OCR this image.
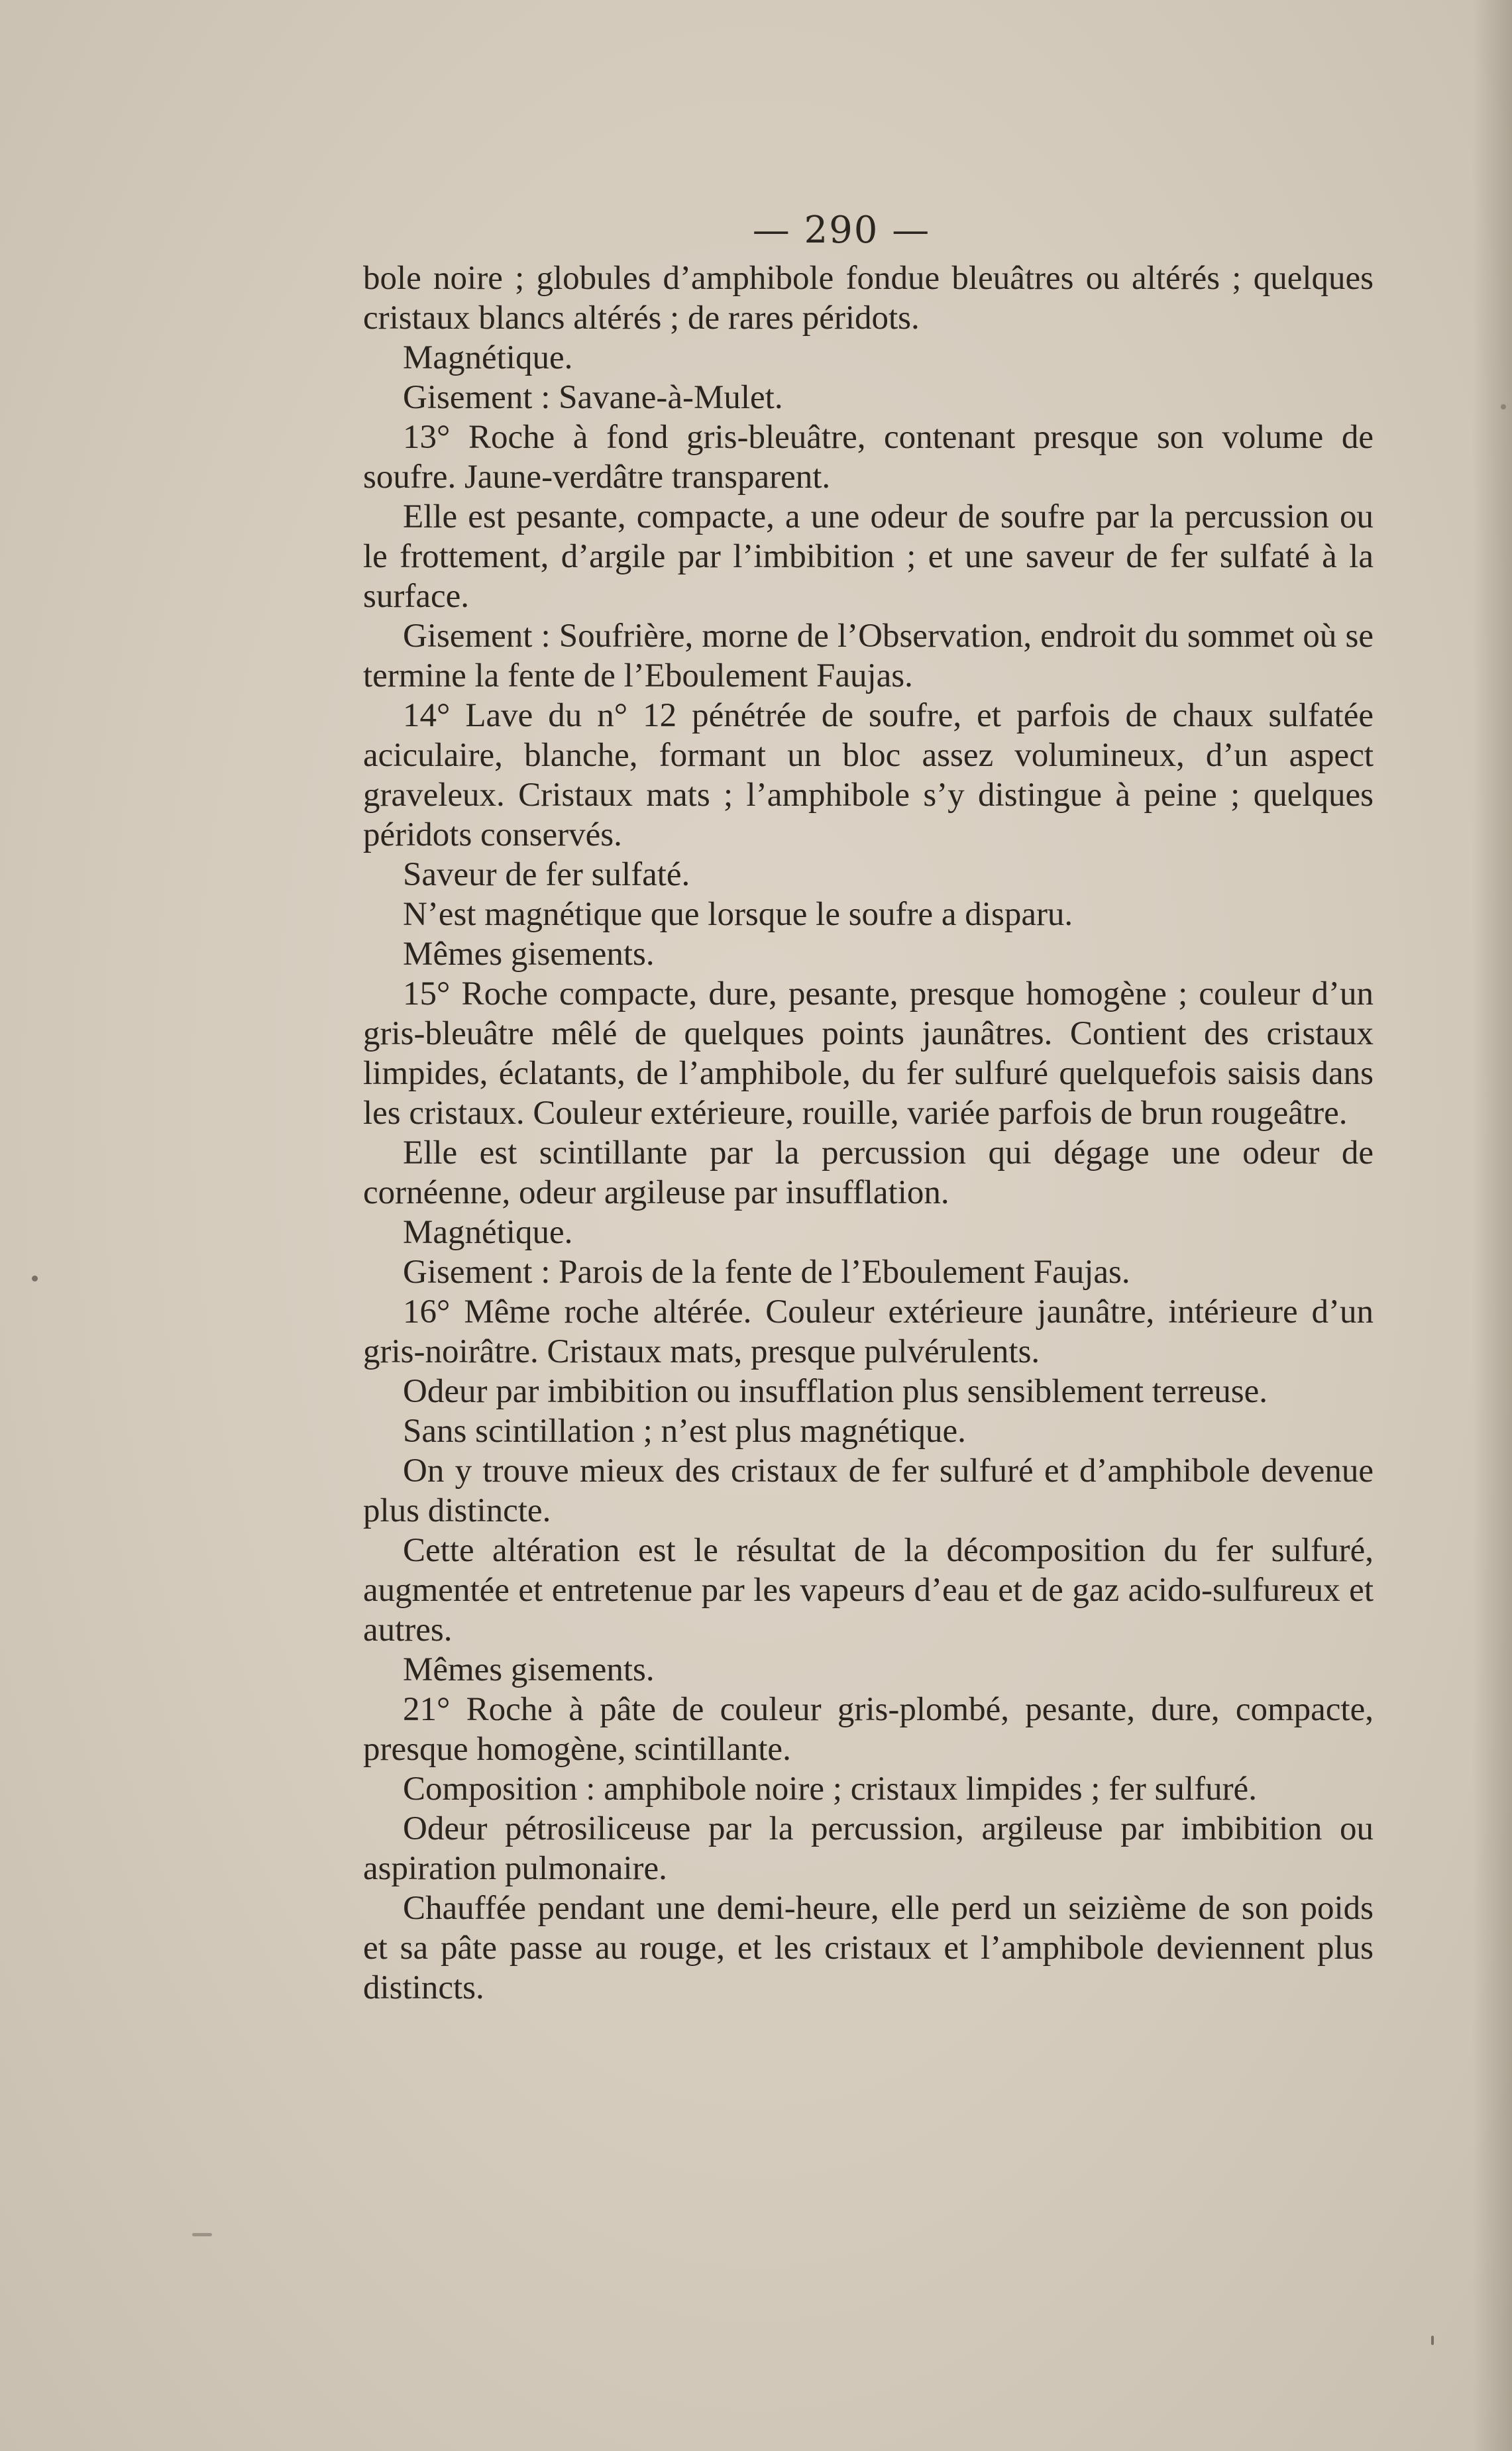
— 290 —

bole noire ; globules d’amphibole fondue bleuâtres ou altérés ; quelques cristaux blancs altérés ; de rares péridots.

Magnétique.

Gisement : Savane-à-Mulet.

13° Roche à fond gris-bleuâtre, contenant presque son volume de soufre. Jaune-verdâtre transparent.

Elle est pesante, compacte, a une odeur de soufre par la percussion ou le frottement, d’argile par l’imbibition ; et une saveur de fer sulfaté à la surface.

Gisement : Soufrière, morne de l’Observation, endroit du sommet où se termine la fente de l’Eboulement Faujas.

14° Lave du n° 12 pénétrée de soufre, et parfois de chaux sulfatée aciculaire, blanche, formant un bloc assez volumineux, d’un aspect graveleux. Cristaux mats ; l’amphibole s’y distingue à peine ; quelques péridots conservés.

Saveur de fer sulfaté.

N’est magnétique que lorsque le soufre a disparu.

Mêmes gisements.

15° Roche compacte, dure, pesante, presque homogène ; couleur d’un gris-bleuâtre mêlé de quelques points jaunâtres. Contient des cristaux limpides, éclatants, de l’amphibole, du fer sulfuré quelquefois saisis dans les cristaux. Couleur extérieure, rouille, variée parfois de brun rougeâtre.

Elle est scintillante par la percussion qui dégage une odeur de cornéenne, odeur argileuse par insufflation.

Magnétique.

Gisement : Parois de la fente de l’Eboulement Faujas.

16° Même roche altérée. Couleur extérieure jaunâtre, intérieure d’un gris-noirâtre. Cristaux mats, presque pulvérulents.

Odeur par imbibition ou insufflation plus sensiblement terreuse.

Sans scintillation ; n’est plus magnétique.

On y trouve mieux des cristaux de fer sulfuré et d’amphibole devenue plus distincte.

Cette altération est le résultat de la décomposition du fer sulfuré, augmentée et entretenue par les vapeurs d’eau et de gaz acido-sulfureux et autres.

Mêmes gisements.

21° Roche à pâte de couleur gris-plombé, pesante, dure, compacte, presque homogène, scintillante.

Composition : amphibole noire ; cristaux limpides ; fer sulfuré.

Odeur pétrosiliceuse par la percussion, argileuse par imbibition ou aspiration pulmonaire.

Chauffée pendant une demi-heure, elle perd un seizième de son poids et sa pâte passe au rouge, et les cristaux et l’amphibole deviennent plus distincts.
